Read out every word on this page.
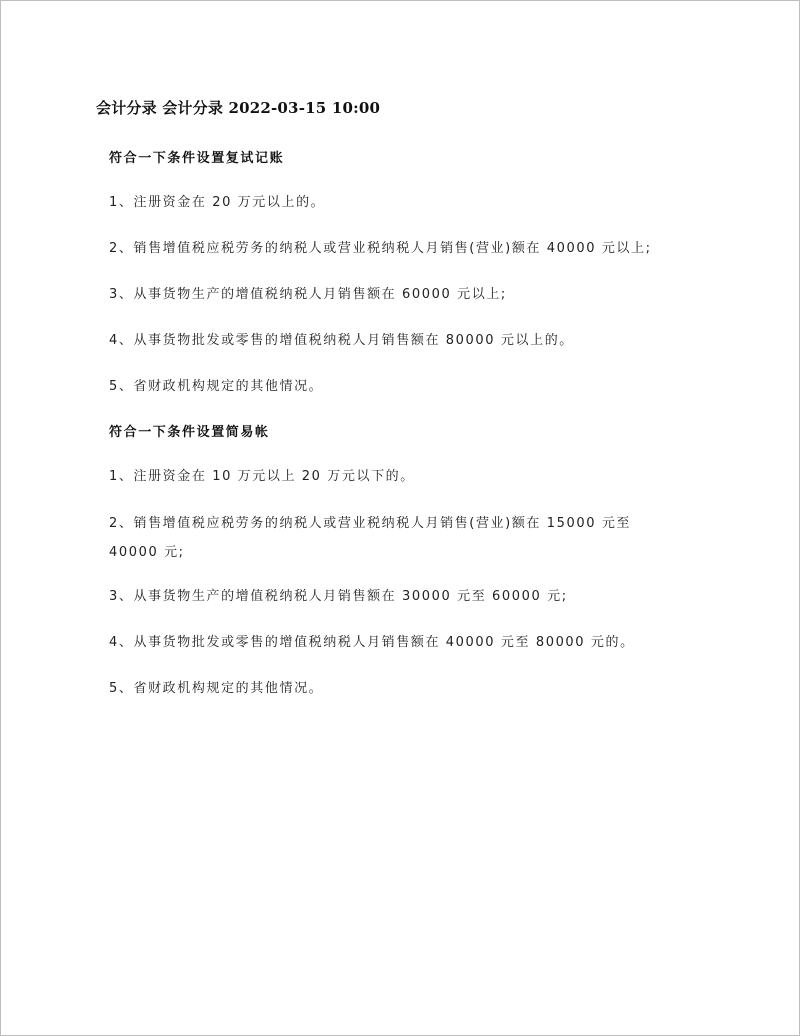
会计分录 会计分录 2022-03-15 10:00
符合一下条件设置复试记账
1、注册资金在 20 万元以上的。
2、销售增值税应税劳务的纳税人或营业税纳税人月销售(营业)额在 40000 元以上;
3、从事货物生产的增值税纳税人月销售额在 60000 元以上;
4、从事货物批发或零售的增值税纳税人月销售额在 80000 元以上的。
5、省财政机构规定的其他情况。
符合一下条件设置简易帐
1、注册资金在 10 万元以上 20 万元以下的。
2、销售增值税应税劳务的纳税人或营业税纳税人月销售(营业)额在 15000 元至
40000 元;
3、从事货物生产的增值税纳税人月销售额在 30000 元至 60000 元;
4、从事货物批发或零售的增值税纳税人月销售额在 40000 元至 80000 元的。
5、省财政机构规定的其他情况。
